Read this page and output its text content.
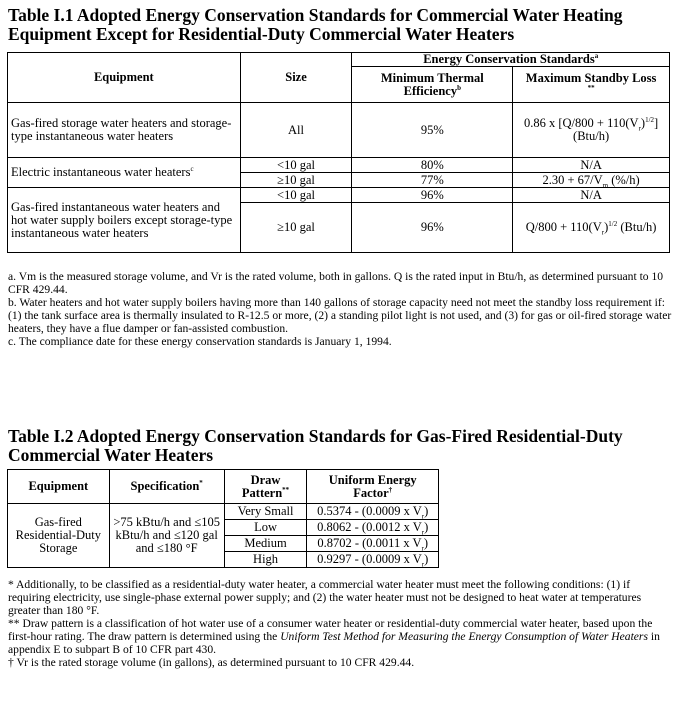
Table I.1 Adopted Energy Conservation Standards for Commercial Water Heating
Equipment Except for Residential-Duty Commercial Water Heaters
Equipment	Size	Energy Conservation Standards$^a$
		Minimum Thermal Efficiency$^b$	Maximum Standby Loss
**
Gas-fired storage water heaters and storage-type instantaneous water heaters	All	95%	0.86 x $[Q/800 + 110(V_r)^{1/2}]$
(Btu/h)
Electric instantaneous water heaters$^c$	<10 gal	80%	N/A
	≥10 gal	77%	$2.30 + 67/V_m$ (%/h)
Gas-fired instantaneous water heaters and hot water supply boilers except storage-type instantaneous water heaters	<10 gal	96%	N/A
	≥10 gal	96%	$Q/800 + 110(V_r)^{1/2}$ (Btu/h)

a. Vm is the measured storage volume, and Vr is the rated volume, both in gallons. Q is the rated input in Btu/h, as determined pursuant to 10 CFR 429.44.

b. Water heaters and hot water supply boilers having more than 140 gallons of storage capacity need not meet the standby loss requirement if: (1) the tank surface area is thermally insulated to R-12.5 or more, (2) a standing pilot light is not used, and (3) for gas or oil-fired storage water heaters, they have a flue damper or fan-assisted combustion.

c. The compliance date for these energy conservation standards is January 1, 1994.

Table I.2 Adopted Energy Conservation Standards for Gas-Fired Residential-Duty
Commercial Water Heaters
Equipment	Specification*	Draw Pattern**	Uniform Energy Factor†
Gas-fired Residential-Duty Storage	>75 kBtu/h and ≤105 kBtu/h and ≤120 gal and ≤180 °F	Very Small	0.5374 - (0.0009 x $V_r$)
		Low	0.8062 - (0.0012 x $V_r$)
		Medium	0.8702 - (0.0011 x $V_r$)
		High	0.9297 - (0.0009 x $V_r$)

* Additionally, to be classified as a residential-duty water heater, a commercial water heater must meet the following conditions: (1) if requiring electricity, use single-phase external power supply; and (2) the water heater must not be designed to heat water at temperatures greater than 180 °F.

** Draw pattern is a classification of hot water use of a consumer water heater or residential-duty commercial water heater, based upon the first-hour rating. The draw pattern is determined using the Uniform Test Method for Measuring the Energy Consumption of Water Heaters in appendix E to subpart B of 10 CFR part 430.

† Vr is the rated storage volume (in gallons), as determined pursuant to 10 CFR 429.44.
